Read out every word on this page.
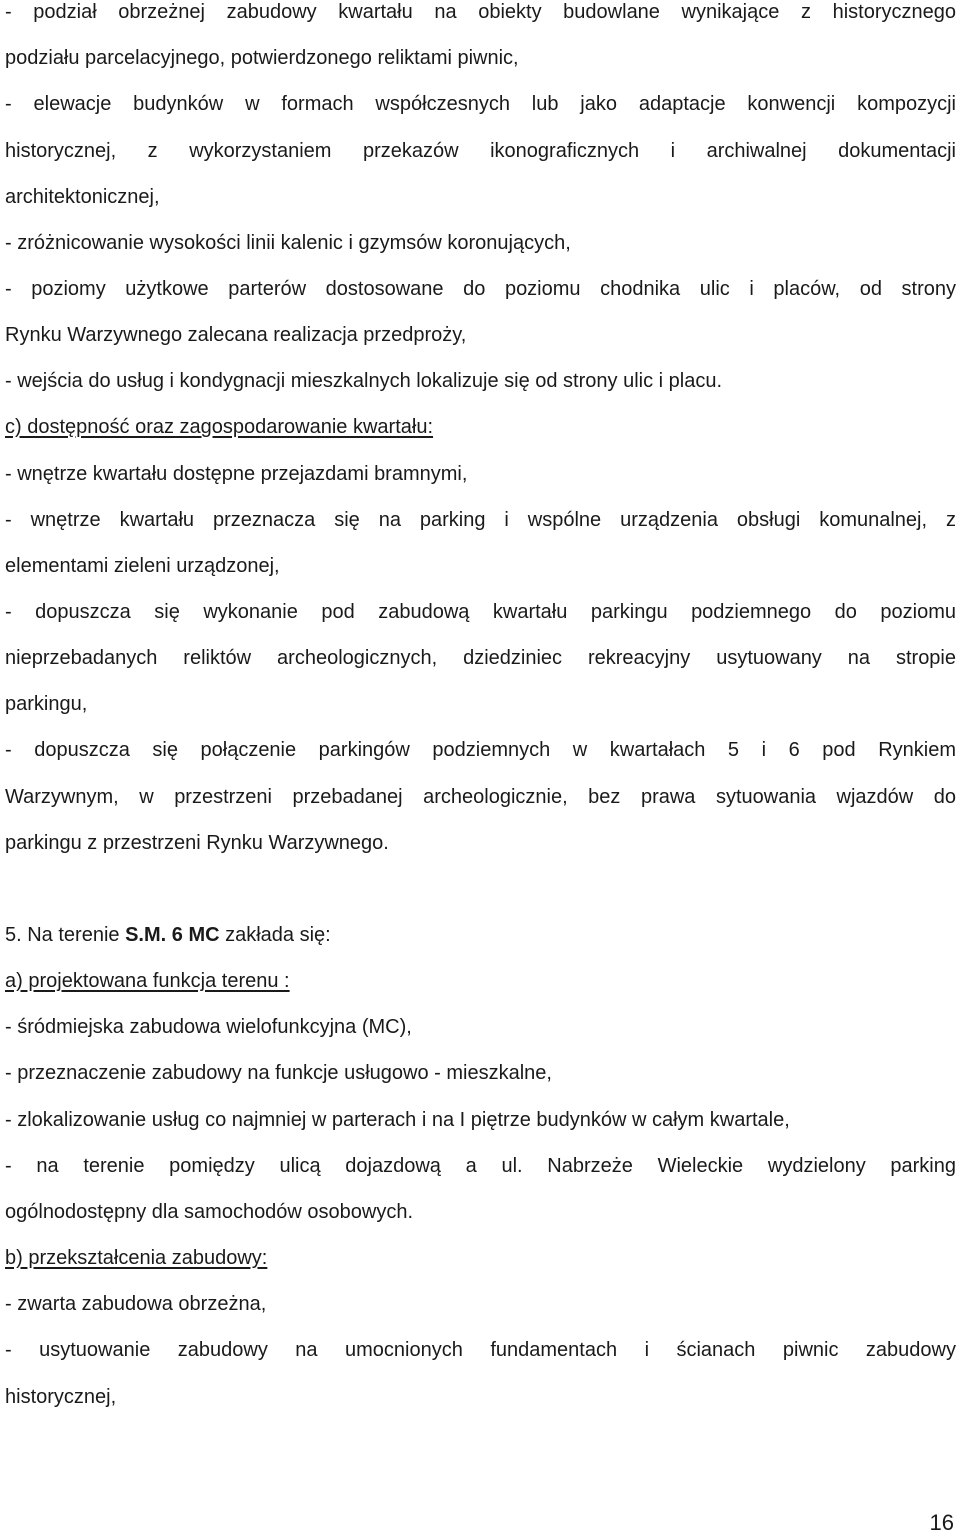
- podział obrzeżnej zabudowy kwartału na obiekty budowlane wynikające z historycznego
podziału parcelacyjnego, potwierdzonego reliktami piwnic,
- elewacje budynków w formach współczesnych lub jako adaptacje konwencji kompozycji
historycznej, z wykorzystaniem przekazów ikonograficznych i archiwalnej dokumentacji
architektonicznej,
- zróżnicowanie wysokości linii kalenic i gzymsów koronujących,
- poziomy użytkowe parterów dostosowane do poziomu chodnika ulic i placów, od strony
Rynku Warzywnego zalecana realizacja przedproży,
- wejścia do usług i kondygnacji mieszkalnych lokalizuje się od strony ulic i placu.
c) dostępność oraz zagospodarowanie kwartału:
- wnętrze kwartału dostępne przejazdami bramnymi,
- wnętrze kwartału przeznacza się na parking i wspólne urządzenia obsługi komunalnej, z
elementami zieleni urządzonej,
- dopuszcza się wykonanie pod zabudową kwartału parkingu podziemnego do poziomu
nieprzebadanych reliktów archeologicznych, dziedziniec rekreacyjny usytuowany na stropie
parkingu,
- dopuszcza się połączenie parkingów podziemnych w kwartałach 5 i 6 pod Rynkiem
Warzywnym, w przestrzeni przebadanej archeologicznie, bez prawa sytuowania wjazdów do
parkingu z przestrzeni Rynku Warzywnego.
5. Na terenie S.M. 6 MC zakłada się:
a) projektowana funkcja terenu :
- śródmiejska zabudowa wielofunkcyjna (MC),
- przeznaczenie zabudowy na funkcje usługowo - mieszkalne,
- zlokalizowanie usług co najmniej w parterach i na I piętrze budynków w całym kwartale,
- na terenie pomiędzy ulicą dojazdową a ul. Nabrzeże Wieleckie wydzielony parking
ogólnodostępny dla samochodów osobowych.
b) przekształcenia zabudowy:
- zwarta zabudowa obrzeżna,
- usytuowanie zabudowy na umocnionych fundamentach i ścianach piwnic zabudowy
historycznej,
16
